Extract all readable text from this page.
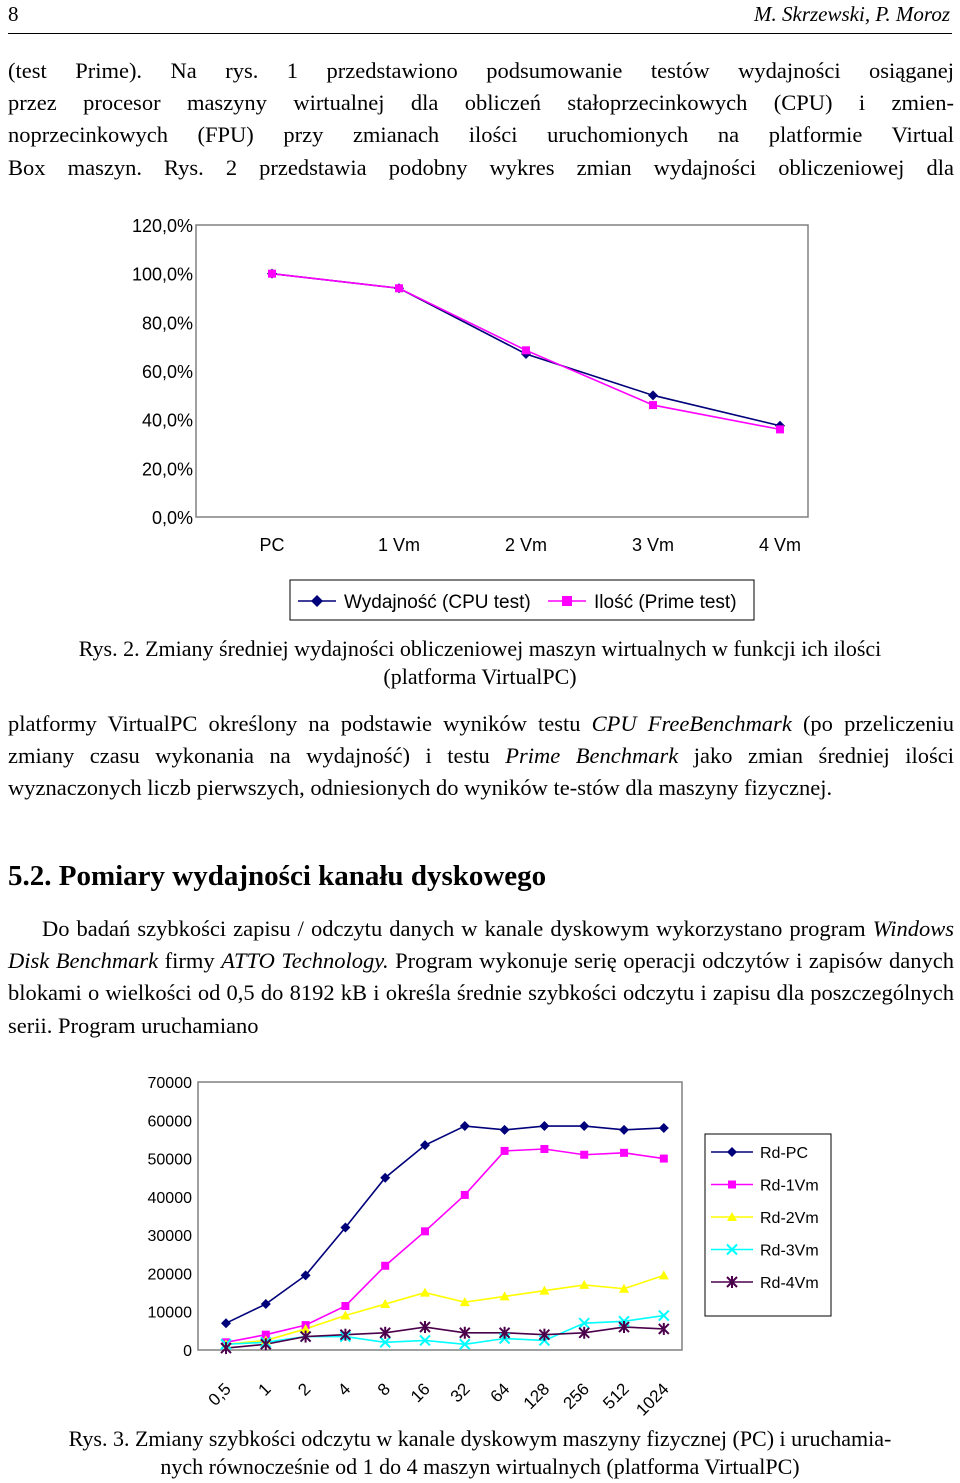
8	M. Skrzewski, P. Moroz

(test Prime). Na rys. 1 przedstawiono podsumowanie testów wydajności osiąganej

przez procesor maszyny wirtualnej dla obliczeń stałoprzecinkowych (CPU) i zmien-

noprzecinkowych (FPU) przy zmianach ilości uruchomionych na platformie Virtual

Box maszyn. Rys. 2 przedstawia podobny wykres zmian wydajności obliczeniowej dla

0,0%
20,0%
40,0%
60,0%
80,0%
100,0%
120,0%
PC	1 Vm	2 Vm	3 Vm	4 Vm
Wydajność (CPU test)	Ilość (Prime test)
Rys. 2. Zmiany średniej wydajności obliczeniowej maszyn wirtualnych w funkcji ich ilości
(platforma VirtualPC)

platformy VirtualPC określony na podstawie wyników testu CPU FreeBenchmark (po przeliczeniu zmiany czasu wykonania na wydajność) i testu Prime Benchmark jako zmian średniej ilości wyznaczonych liczb pierwszych, odniesionych do wyników te-stów dla maszyny fizycznej.

5.2. Pomiary wydajności kanału dyskowego

Do badań szybkości zapisu / odczytu danych w kanale dyskowym wykorzystano program Windows Disk Benchmark firmy ATTO Technology. Program wykonuje serię operacji odczytów i zapisów danych blokami o wielkości od 0,5 do 8192 kB i określa średnie szybkości odczytu i zapisu dla poszczególnych serii. Program uruchamiano

0
10000
20000
30000
40000
50000
60000
70000
0,5 1 2 4 8 16 32 64 128 256 512 1024
Rd-PC
Rd-1Vm
Rd-2Vm
Rd-3Vm
Rd-4Vm
Rys. 3. Zmiany szybkości odczytu w kanale dyskowym maszyny fizycznej (PC) i uruchamia-
nych równocześnie od 1 do 4 maszyn wirtualnych (platforma VirtualPC)
